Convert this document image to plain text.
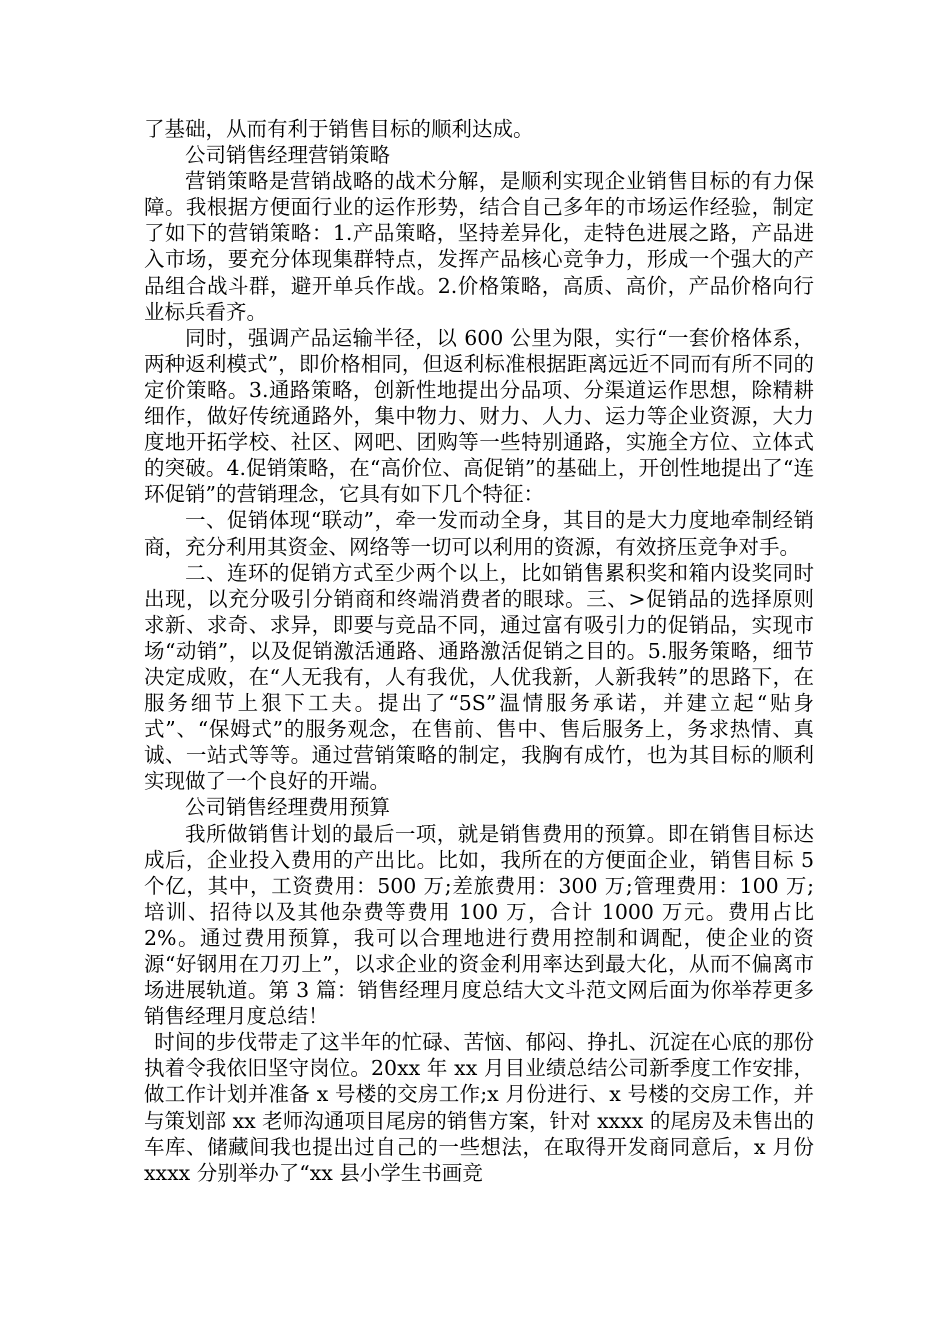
了基础，从而有利于销售目标的顺利达成。

公司销售经理营销策略

营销策略是营销战略的战术分解，是顺利实现企业销售目标的有力保障。我根据方便面行业的运作形势，结合自己多年的市场运作经验，制定了如下的营销策略：1.产品策略，坚持差异化，走特色进展之路，产品进入市场，要充分体现集群特点，发挥产品核心竞争力，形成一个强大的产品组合战斗群，避开单兵作战。2.价格策略，高质、高价，产品价格向行业标兵看齐。

同时，强调产品运输半径，以 600 公里为限，实行“一套价格体系，两种返利模式”，即价格相同，但返利标准根据距离远近不同而有所不同的定价策略。3.通路策略，创新性地提出分品项、分渠道运作思想，除精耕细作，做好传统通路外，集中物力、财力、人力、运力等企业资源，大力度地开拓学校、社区、网吧、团购等一些特别通路，实施全方位、立体式的突破。4.促销策略，在“高价位、高促销”的基础上，开创性地提出了“连环促销”的营销理念，它具有如下几个特征：

一、促销体现“联动”，牵一发而动全身，其目的是大力度地牵制经销商，充分利用其资金、网络等一切可以利用的资源，有效挤压竞争对手。

二、连环的促销方式至少两个以上，比如销售累积奖和箱内设奖同时出现，以充分吸引分销商和终端消费者的眼球。三、>促销品的选择原则求新、求奇、求异，即要与竞品不同，通过富有吸引力的促销品，实现市场“动销”，以及促销激活通路、通路激活促销之目的。5.服务策略，细节决定成败，在“人无我有，人有我优，人优我新，人新我转”的思路下，在服务细节上狠下工夫。提出了“5S”温情服务承诺，并建立起“贴身式”、“保姆式”的服务观念，在售前、售中、售后服务上，务求热情、真诚、一站式等等。通过营销策略的制定，我胸有成竹，也为其目标的顺利实现做了一个良好的开端。

公司销售经理费用预算

我所做销售计划的最后一项，就是销售费用的预算。即在销售目标达成后，企业投入费用的产出比。比如，我所在的方便面企业，销售目标 5 个亿，其中，工资费用：500 万;差旅费用：300 万;管理费用：100 万;培训、招待以及其他杂费等费用 100 万，合计 1000 万元。费用占比 2%。通过费用预算，我可以合理地进行费用控制和调配，使企业的资源“好钢用在刀刃上”，以求企业的资金利用率达到最大化，从而不偏离市场进展轨道。第 3 篇：销售经理月度总结大文斗范文网后面为你举荐更多销售经理月度总结！

时间的步伐带走了这半年的忙碌、苦恼、郁闷、挣扎、沉淀在心底的那份执着令我依旧坚守岗位。20xx 年 xx 月目业绩总结公司新季度工作安排，做工作计划并准备 x 号楼的交房工作;x 月份进行、x 号楼的交房工作，并与策划部 xx 老师沟通项目尾房的销售方案，针对 xxxx 的尾房及未售出的车库、储藏间我也提出过自己的一些想法，在取得开发商同意后，x 月份 xxxx 分别举办了“xx 县小学生书画竞
